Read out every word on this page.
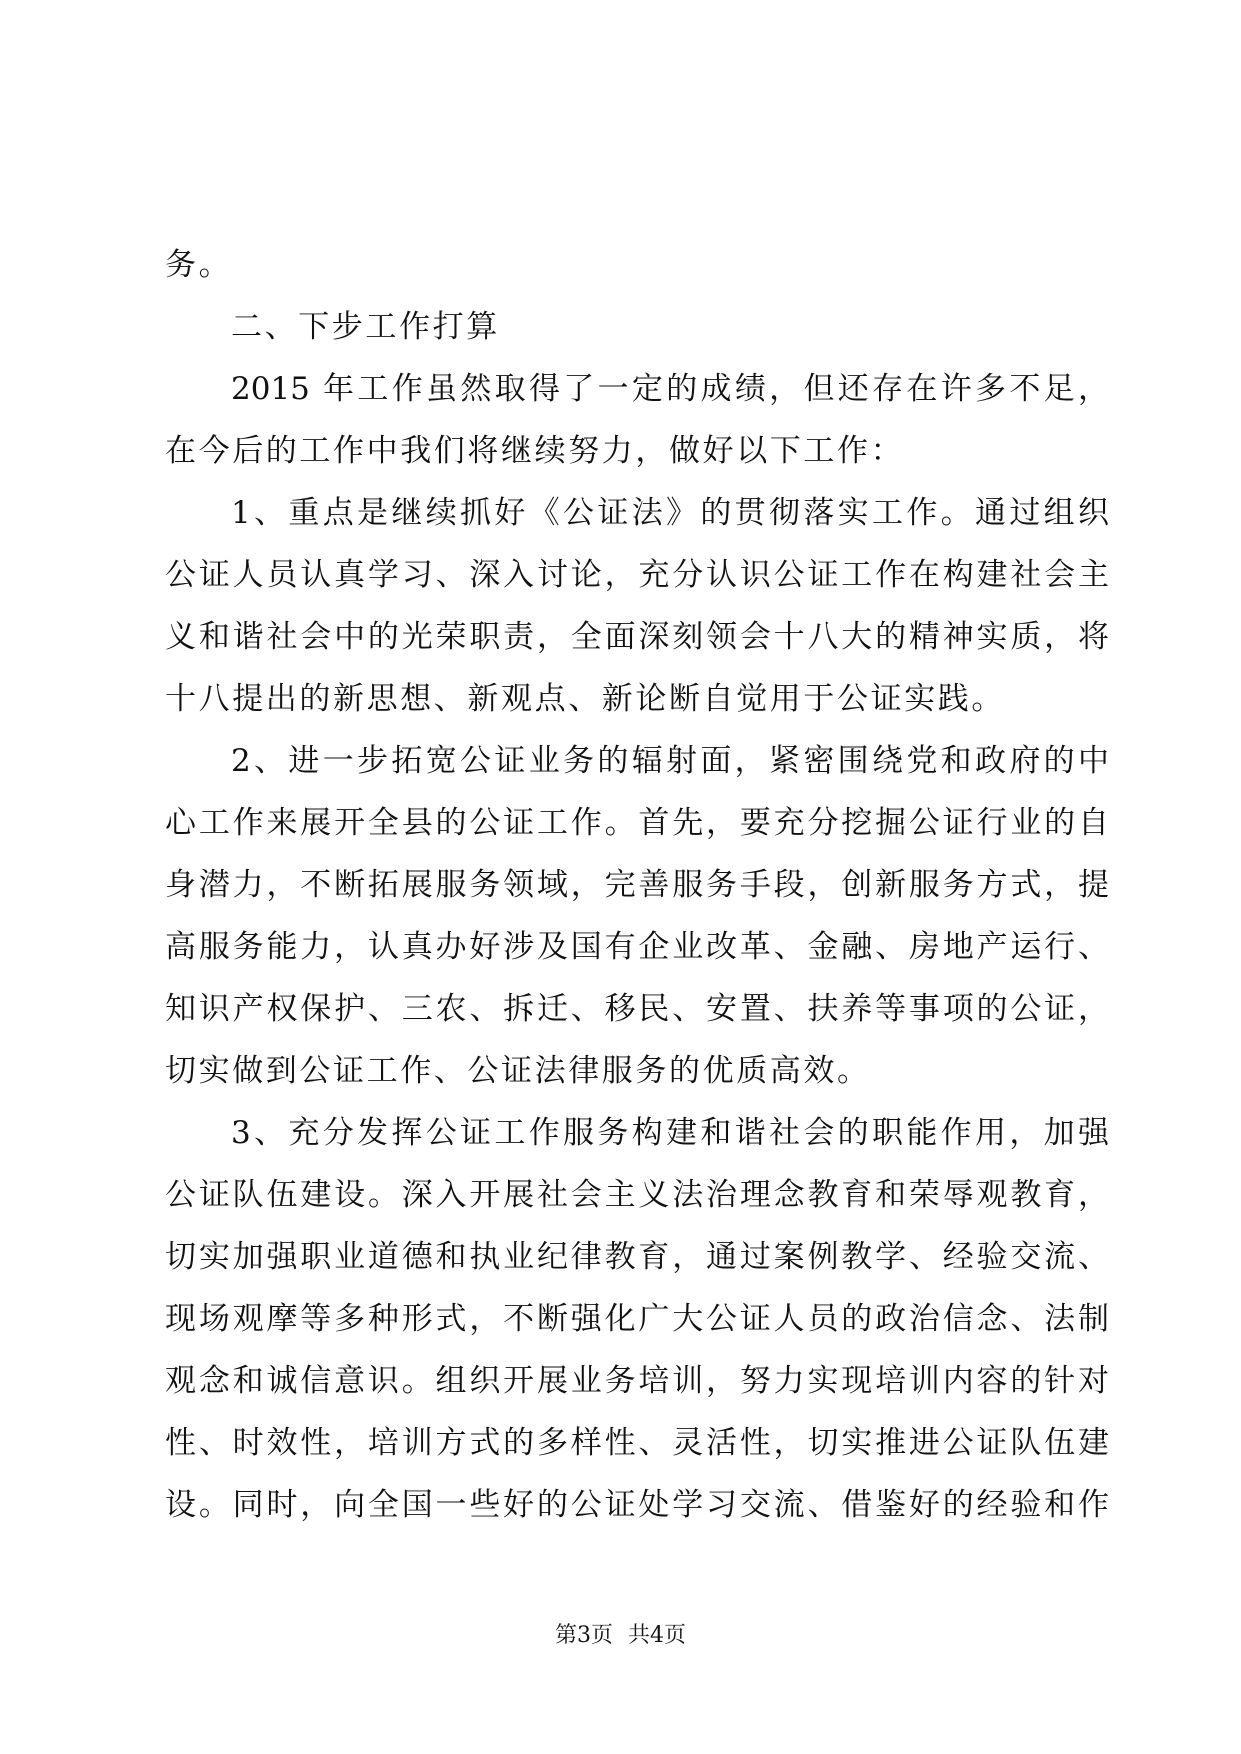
务。
二、下步工作打算
2015 年工作虽然取得了一定的成绩，但还存在许多不足，
在今后的工作中我们将继续努力，做好以下工作：
1、重点是继续抓好《公证法》的贯彻落实工作。通过组织
公证人员认真学习、深入讨论，充分认识公证工作在构建社会主
义和谐社会中的光荣职责，全面深刻领会十八大的精神实质，将
十八提出的新思想、新观点、新论断自觉用于公证实践。
2、进一步拓宽公证业务的辐射面，紧密围绕党和政府的中
心工作来展开全县的公证工作。首先，要充分挖掘公证行业的自
身潜力，不断拓展服务领域，完善服务手段，创新服务方式，提
高服务能力，认真办好涉及国有企业改革、金融、房地产运行、
知识产权保护、三农、拆迁、移民、安置、扶养等事项的公证，
切实做到公证工作、公证法律服务的优质高效。
3、充分发挥公证工作服务构建和谐社会的职能作用，加强
公证队伍建设。深入开展社会主义法治理念教育和荣辱观教育，
切实加强职业道德和执业纪律教育，通过案例教学、经验交流、
现场观摩等多种形式，不断强化广大公证人员的政治信念、法制
观念和诚信意识。组织开展业务培训，努力实现培训内容的针对
性、时效性，培训方式的多样性、灵活性，切实推进公证队伍建
设。同时，向全国一些好的公证处学习交流、借鉴好的经验和作
第3页 共4页
